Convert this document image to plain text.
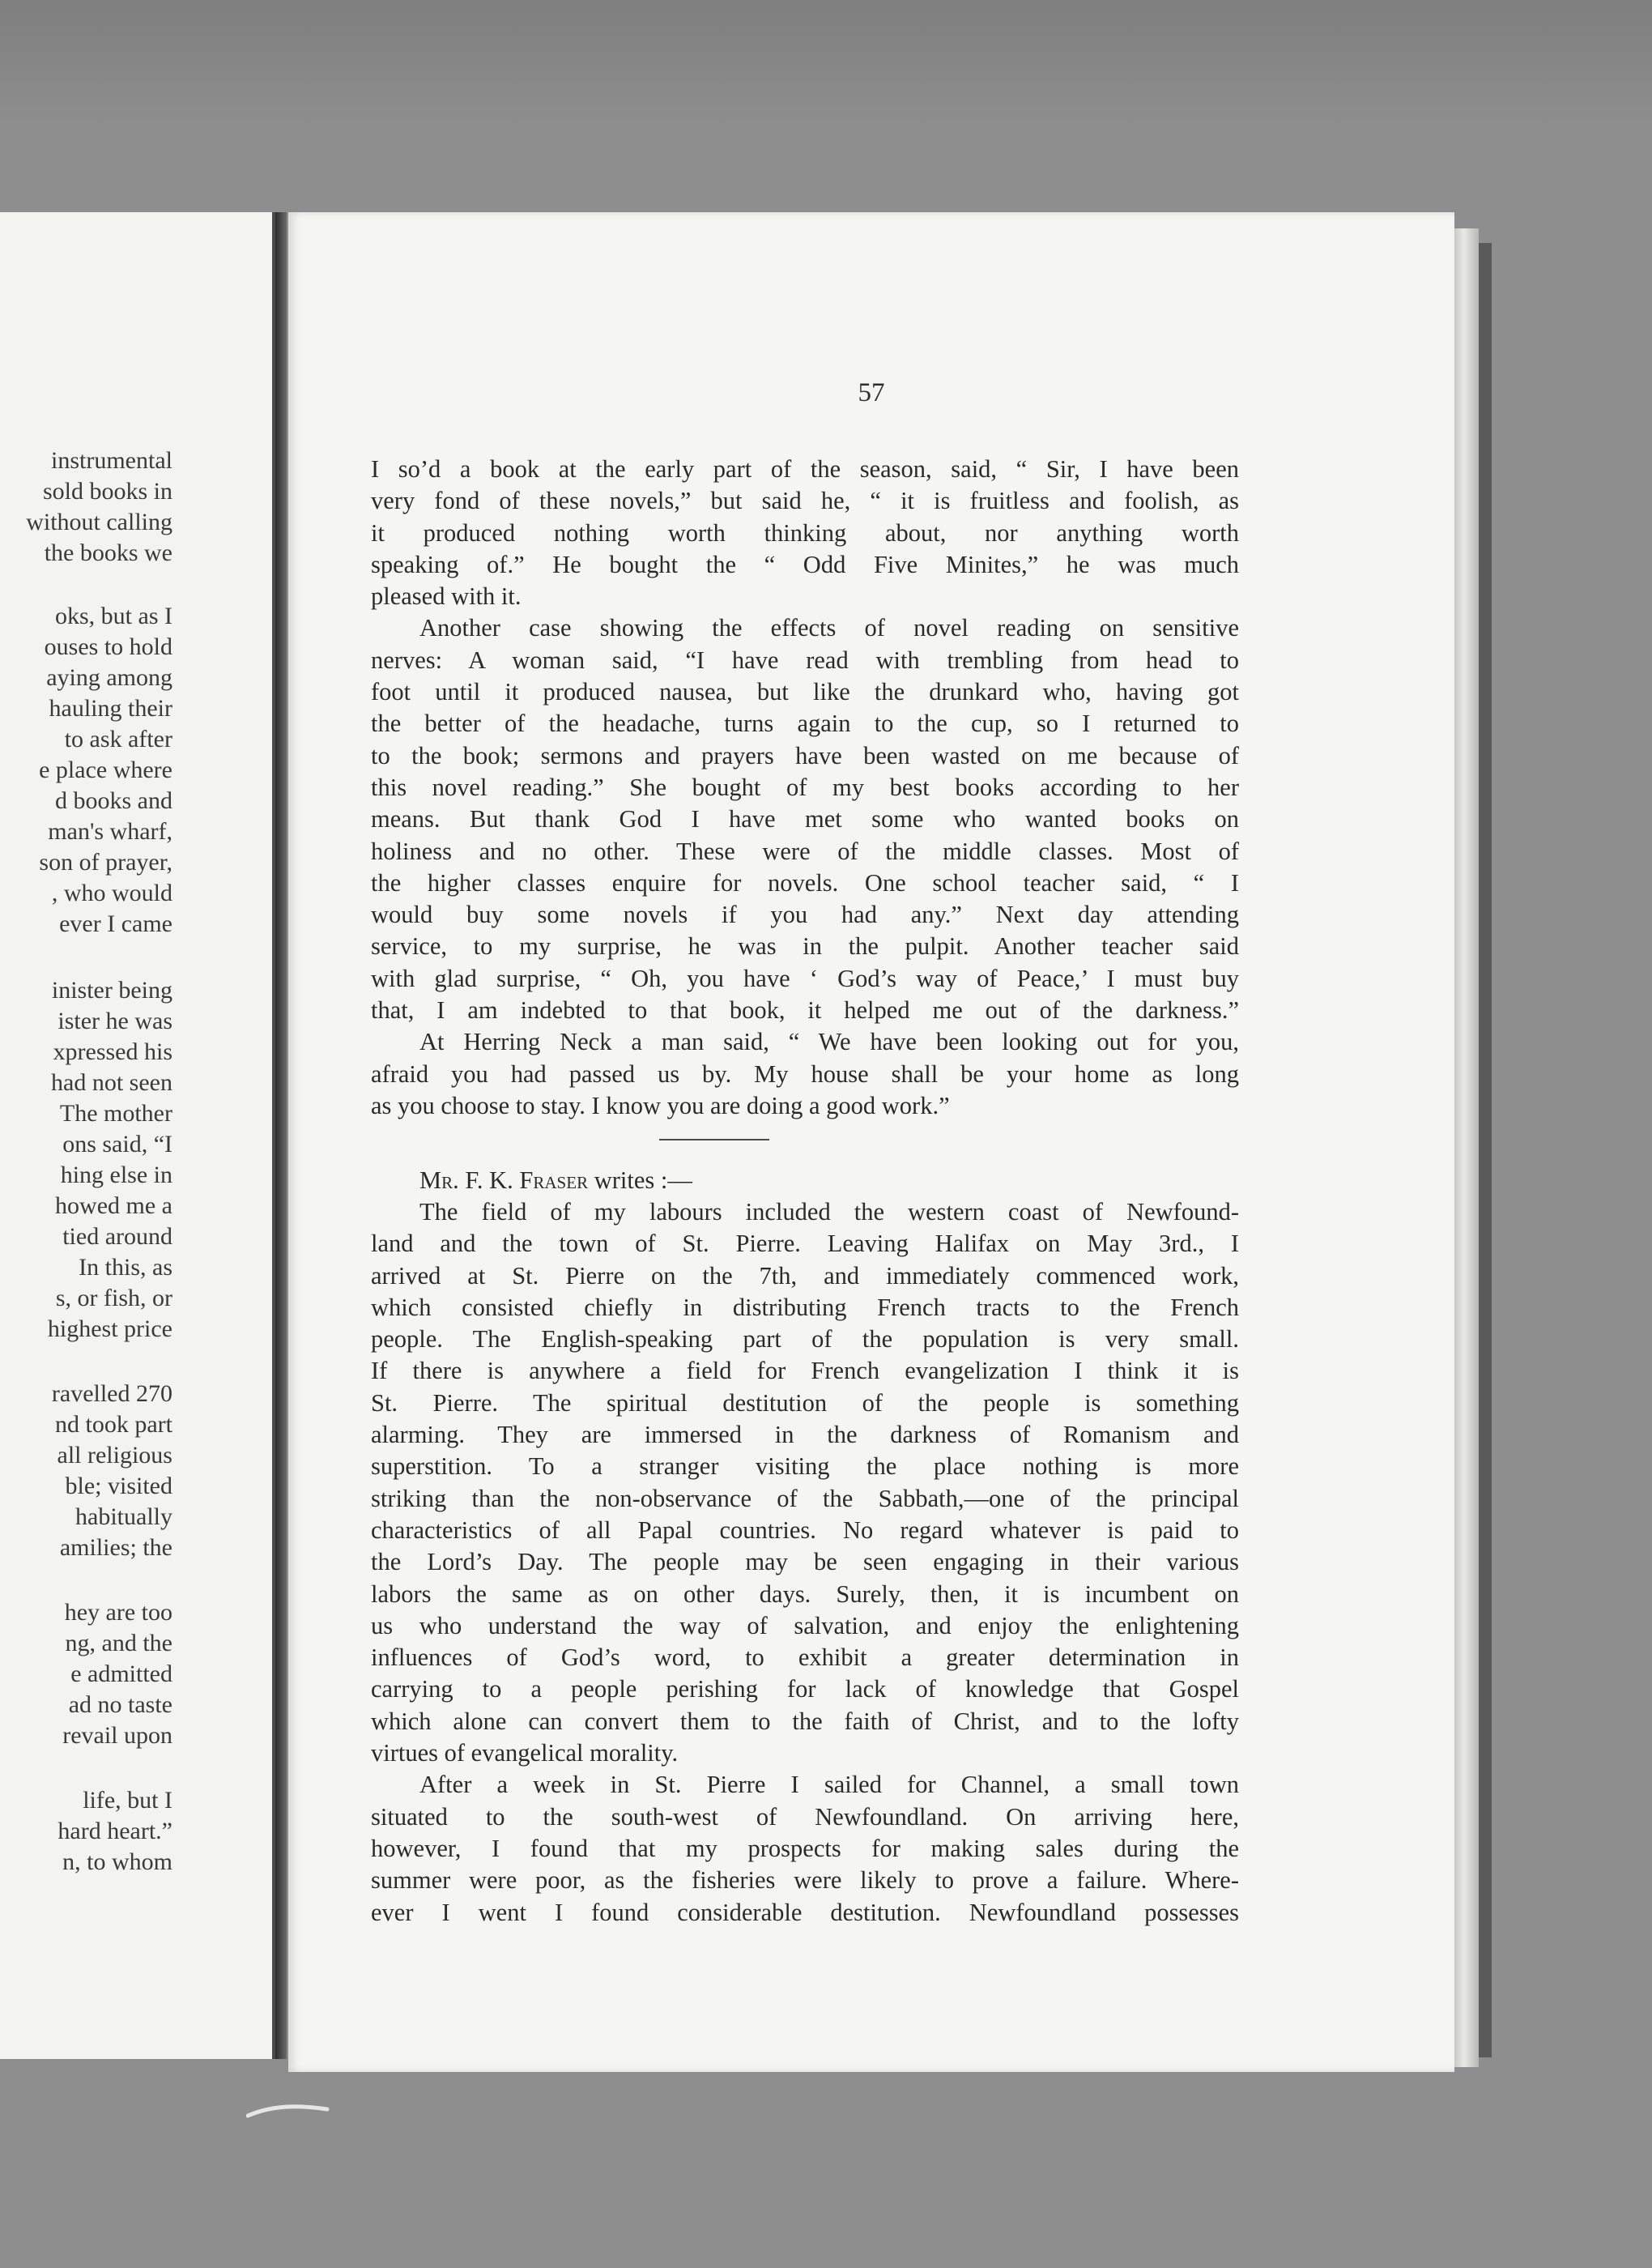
instrumental

sold books in

without calling

the books we

oks, but as I

ouses to hold

aying among

hauling their

to ask after

e place where

d books and

man's wharf,

son of prayer,

, who would

ever I came

inister being

ister he was

xpressed his

had not seen

The mother

ons said, “I

hing else in

howed me a

tied around

In this, as

s, or fish, or

highest price

ravelled 270

nd took part

all religious

ble; visited

habitually

amilies; the

hey are too

ng, and the

e admitted

ad no taste

revail upon

life, but I

hard heart.”

n, to whom

57

I so’d a book at the early part of the season, said, “ Sir, I have been

very fond of these novels,” but said he, “ it is fruitless and foolish, as

it produced nothing worth thinking about, nor anything worth

speaking of.” He bought the “ Odd Five Minites,” he was much

pleased with it.

Another case showing the effects of novel reading on sensitive

nerves: A woman said, “I have read with trembling from head to

foot until it produced nausea, but like the drunkard who, having got

the better of the headache, turns again to the cup, so I returned to

to the book; sermons and prayers have been wasted on me because of

this novel reading.” She bought of my best books according to her

means. But thank God I have met some who wanted books on

holiness and no other. These were of the middle classes. Most of

the higher classes enquire for novels. One school teacher said, “ I

would buy some novels if you had any.” Next day attending

service, to my surprise, he was in the pulpit. Another teacher said

with glad surprise, “ Oh, you have ‘ God’s way of Peace,’ I must buy

that, I am indebted to that book, it helped me out of the darkness.”

At Herring Neck a man said, “ We have been looking out for you,

afraid you had passed us by. My house shall be your home as long

as you choose to stay. I know you are doing a good work.”

Mr. F. K. Fraser writes :—

The field of my labours included the western coast of Newfound-

land and the town of St. Pierre. Leaving Halifax on May 3rd., I

arrived at St. Pierre on the 7th, and immediately commenced work,

which consisted chiefly in distributing French tracts to the French

people. The English-speaking part of the population is very small.

If there is anywhere a field for French evangelization I think it is

St. Pierre. The spiritual destitution of the people is something

alarming. They are immersed in the darkness of Romanism and

superstition. To a stranger visiting the place nothing is more

striking than the non-observance of the Sabbath,—one of the principal

characteristics of all Papal countries. No regard whatever is paid to

the Lord’s Day. The people may be seen engaging in their various

labors the same as on other days. Surely, then, it is incumbent on

us who understand the way of salvation, and enjoy the enlightening

influences of God’s word, to exhibit a greater determination in

carrying to a people perishing for lack of knowledge that Gospel

which alone can convert them to the faith of Christ, and to the lofty

virtues of evangelical morality.

After a week in St. Pierre I sailed for Channel, a small town

situated to the south-west of Newfoundland. On arriving here,

however, I found that my prospects for making sales during the

summer were poor, as the fisheries were likely to prove a failure. Where-

ever I went I found considerable destitution. Newfoundland possesses
